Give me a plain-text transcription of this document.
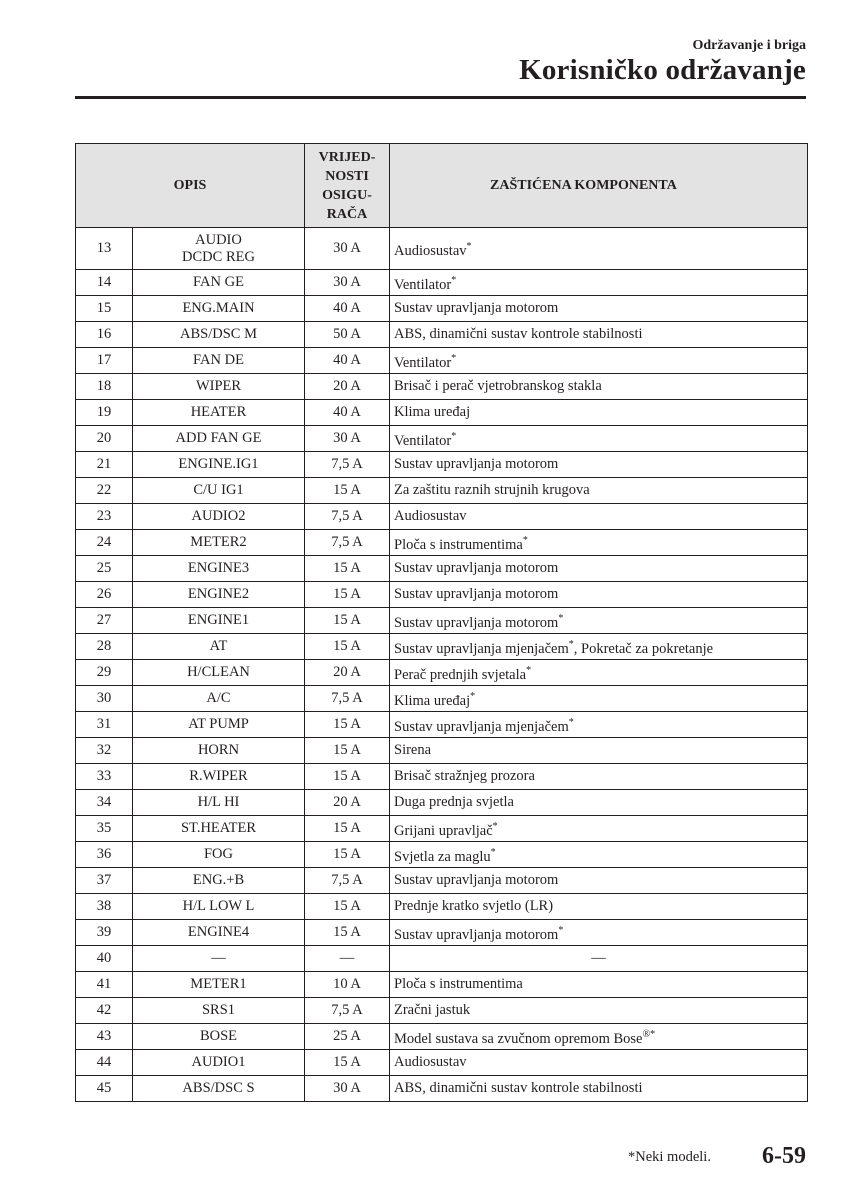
Održavanje i briga
Korisničko održavanje
OPIS		VRIJED-
NOSTI
OSIGU-
RAČA	ZAŠTIĆENA KOMPONENTA
13	AUDIO
DCDC REG	30 A	Audiosustav*
14	FAN GE	30 A	Ventilator*
15	ENG.MAIN	40 A	Sustav upravljanja motorom
16	ABS/DSC M	50 A	ABS, dinamični sustav kontrole stabilnosti
17	FAN DE	40 A	Ventilator*
18	WIPER	20 A	Brisač i perač vjetrobranskog stakla
19	HEATER	40 A	Klima uređaj
20	ADD FAN GE	30 A	Ventilator*
21	ENGINE.IG1	7,5 A	Sustav upravljanja motorom
22	C/U IG1	15 A	Za zaštitu raznih strujnih krugova
23	AUDIO2	7,5 A	Audiosustav
24	METER2	7,5 A	Ploča s instrumentima*
25	ENGINE3	15 A	Sustav upravljanja motorom
26	ENGINE2	15 A	Sustav upravljanja motorom
27	ENGINE1	15 A	Sustav upravljanja motorom*
28	AT	15 A	Sustav upravljanja mjenjačem*, Pokretač za pokretanje
29	H/CLEAN	20 A	Perač prednjih svjetala*
30	A/C	7,5 A	Klima uređaj*
31	AT PUMP	15 A	Sustav upravljanja mjenjačem*
32	HORN	15 A	Sirena
33	R.WIPER	15 A	Brisač stražnjeg prozora
34	H/L HI	20 A	Duga prednja svjetla
35	ST.HEATER	15 A	Grijani upravljač*
36	FOG	15 A	Svjetla za maglu*
37	ENG.+B	7,5 A	Sustav upravljanja motorom
38	H/L LOW L	15 A	Prednje kratko svjetlo (LR)
39	ENGINE4	15 A	Sustav upravljanja motorom*
40	—	—	—
41	METER1	10 A	Ploča s instrumentima
42	SRS1	7,5 A	Zračni jastuk
43	BOSE	25 A	Model sustava sa zvučnom opremom Bose®*
44	AUDIO1	15 A	Audiosustav
45	ABS/DSC S	30 A	ABS, dinamični sustav kontrole stabilnosti
*Neki modeli. 6-59
